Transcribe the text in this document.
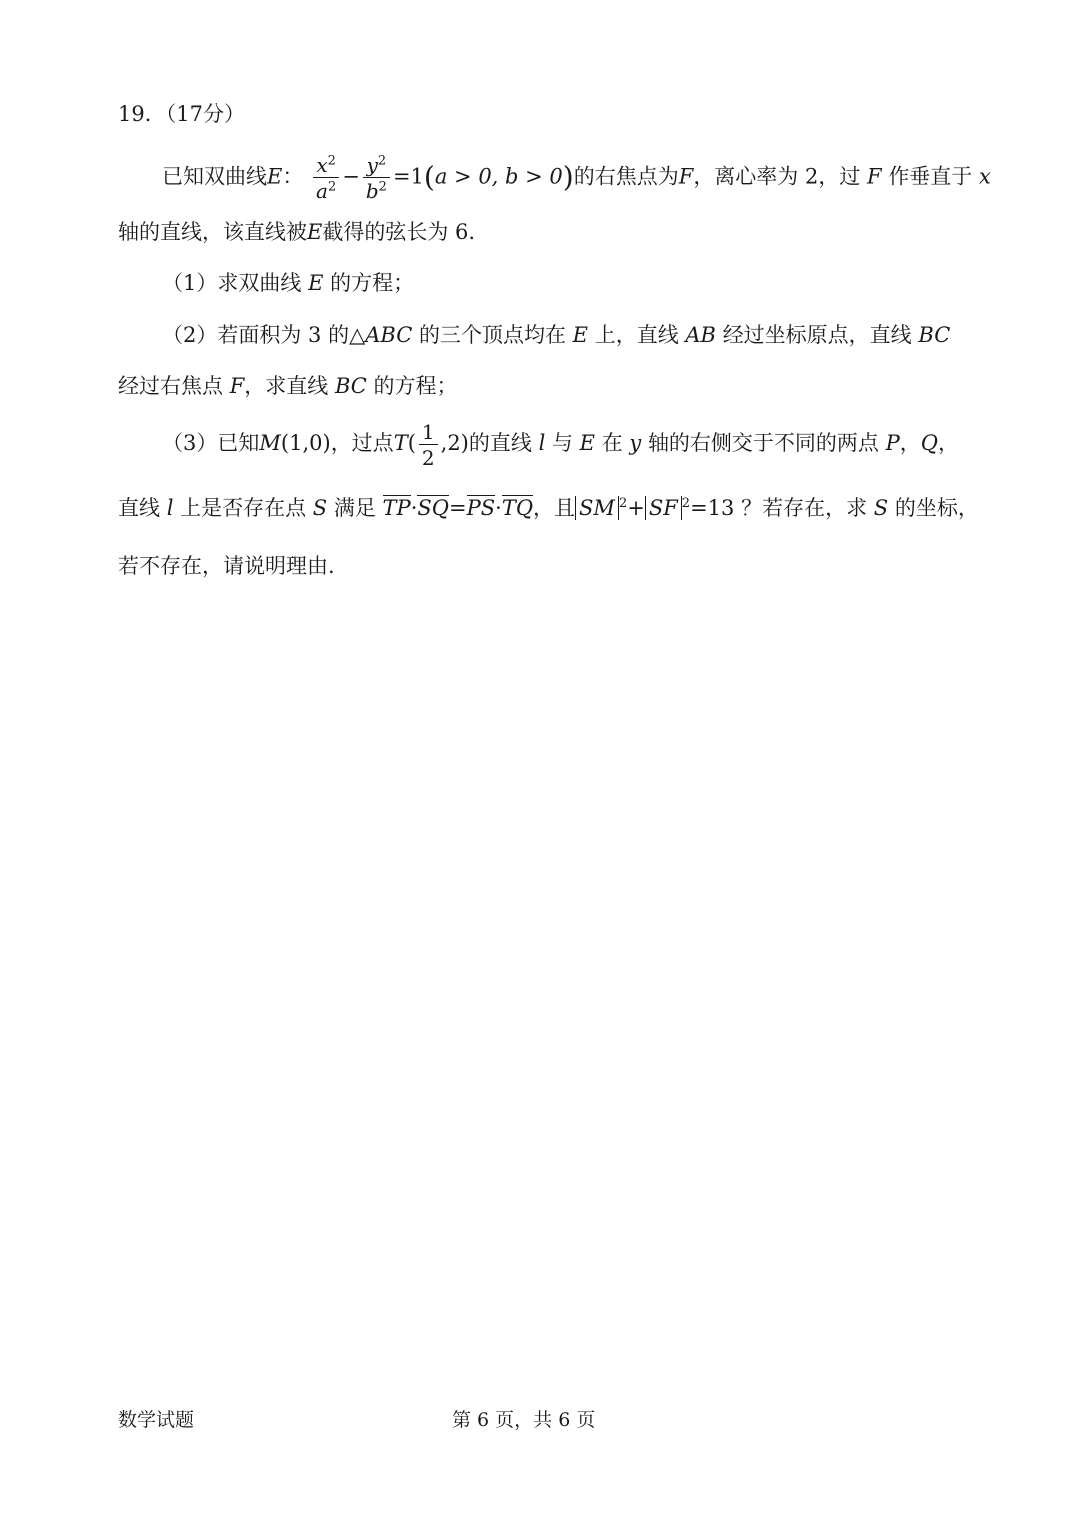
19．（17分）
已知双曲线E： $\frac{x^2}{a^2} - \frac{y^2}{b^2} =1(a > 0$, b > 0)的右焦点为F，离心率为 2，过 F 作垂直于 x
轴的直线，该直线被E截得的弦长为 6.
（1）求双曲线 E 的方程；
（2）若面积为 3 的△ABC 的三个顶点均在 E 上，直线 AB 经过坐标原点，直线 BC
经过右焦点 F，求直线 BC 的方程；
（3）已知M(1,0)，过点$T( \frac{1}{2} ,2)$的直线 l 与 E 在 y 轴的右侧交于不同的两点 P，Q，
直线 l 上是否存在点 S 满足 TP·SQ=PS·TQ，且 SM $^2$+ SF $^2$=13 ？若存在，求 S 的坐标，
若不存在，请说明理由.
数学试题	第 6 页，共 6 页
